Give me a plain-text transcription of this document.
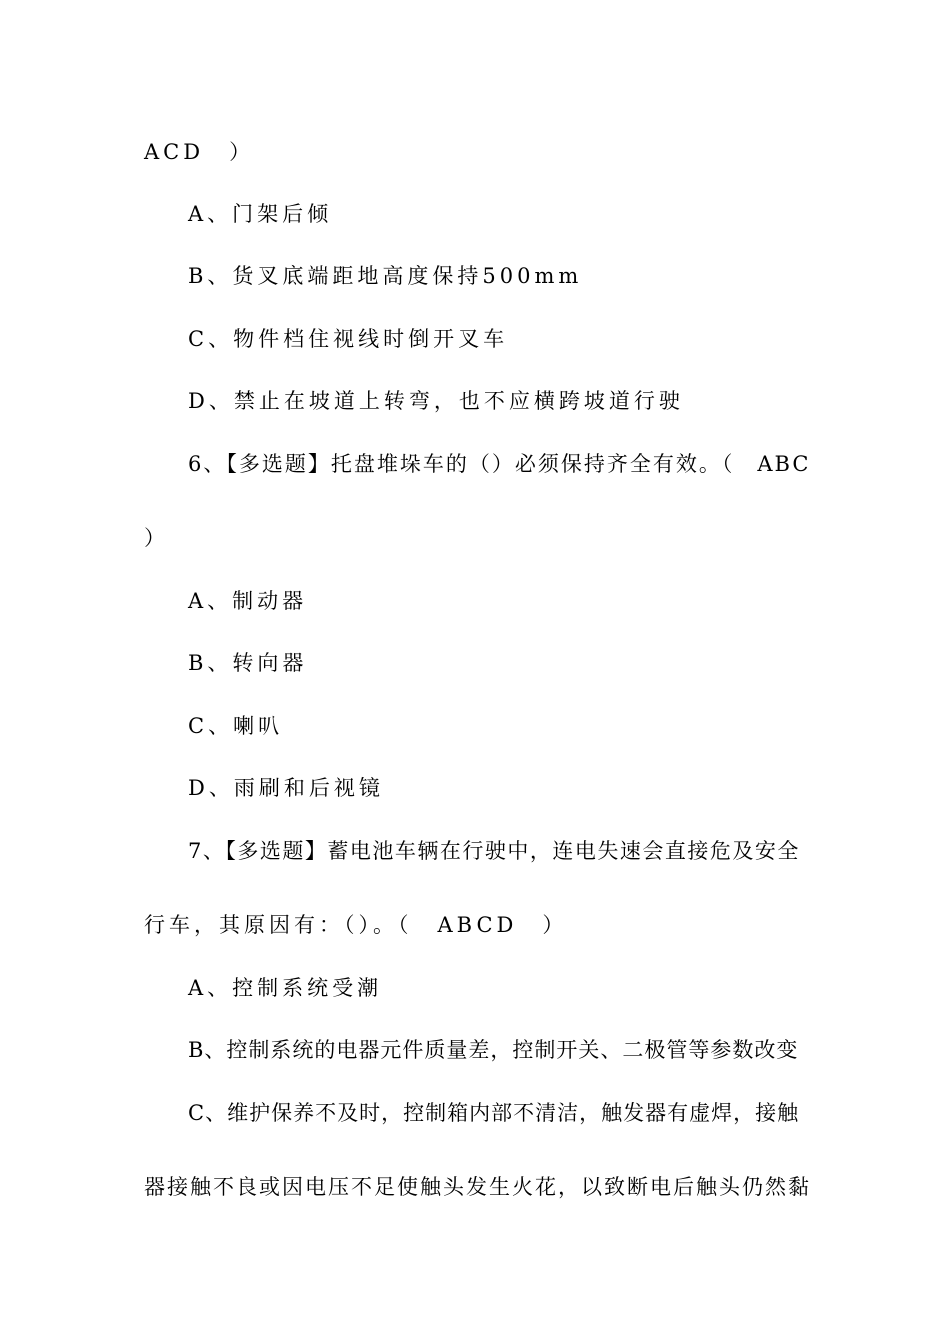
ACD　）
A、门架后倾
B、货叉底端距地高度保持500mm
C、物件档住视线时倒开叉车
D、禁止在坡道上转弯，也不应横跨坡道行驶
6、【多选题】托盘堆垛车的（）必须保持齐全有效。（　ABC
）
A、制动器
B、转向器
C、喇叭
D、雨刷和后视镜
7、【多选题】蓄电池车辆在行驶中，连电失速会直接危及安全
行车，其原因有：（）。（　ABCD　）
A、控制系统受潮
B、控制系统的电器元件质量差，控制开关、二极管等参数改变
C、维护保养不及时，控制箱内部不清洁，触发器有虚焊，接触
器接触不良或因电压不足使触头发生火花，以致断电后触头仍然黏
